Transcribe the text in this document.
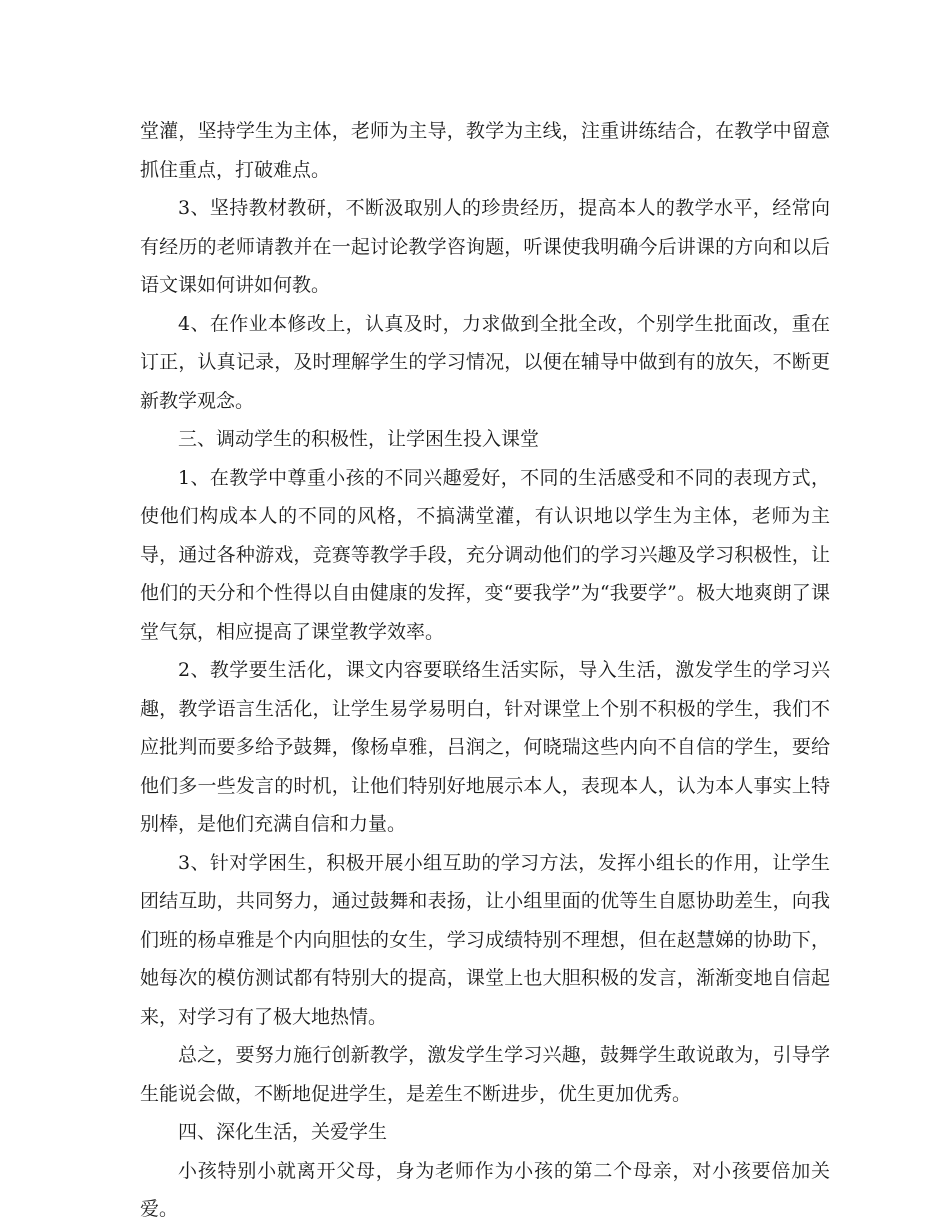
堂灌，坚持学生为主体，老师为主导，教学为主线，注重讲练结合，在教学中留意抓住重点，打破难点。

3、坚持教材教研，不断汲取别人的珍贵经历，提高本人的教学水平，经常向有经历的老师请教并在一起讨论教学咨询题，听课使我明确今后讲课的方向和以后语文课如何讲如何教。

4、在作业本修改上，认真及时，力求做到全批全改，个别学生批面改，重在订正，认真记录，及时理解学生的学习情况，以便在辅导中做到有的放矢，不断更新教学观念。

三、调动学生的积极性，让学困生投入课堂

1、在教学中尊重小孩的不同兴趣爱好，不同的生活感受和不同的表现方式，使他们构成本人的不同的风格，不搞满堂灌，有认识地以学生为主体，老师为主导，通过各种游戏，竞赛等教学手段，充分调动他们的学习兴趣及学习积极性，让他们的天分和个性得以自由健康的发挥，变“要我学”为“我要学”。极大地爽朗了课堂气氛，相应提高了课堂教学效率。

2、教学要生活化，课文内容要联络生活实际，导入生活，激发学生的学习兴趣，教学语言生活化，让学生易学易明白，针对课堂上个别不积极的学生，我们不应批判而要多给予鼓舞，像杨卓雅，吕润之，何晓瑞这些内向不自信的学生，要给他们多一些发言的时机，让他们特别好地展示本人，表现本人，认为本人事实上特别棒，是他们充满自信和力量。

3、针对学困生，积极开展小组互助的学习方法，发挥小组长的作用，让学生团结互助，共同努力，通过鼓舞和表扬，让小组里面的优等生自愿协助差生，向我们班的杨卓雅是个内向胆怯的女生，学习成绩特别不理想，但在赵慧娣的协助下，她每次的模仿测试都有特别大的提高，课堂上也大胆积极的发言，渐渐变地自信起来，对学习有了极大地热情。

总之，要努力施行创新教学，激发学生学习兴趣，鼓舞学生敢说敢为，引导学生能说会做，不断地促进学生，是差生不断进步，优生更加优秀。

四、深化生活，关爱学生

小孩特别小就离开父母，身为老师作为小孩的第二个母亲，对小孩要倍加关爱。
